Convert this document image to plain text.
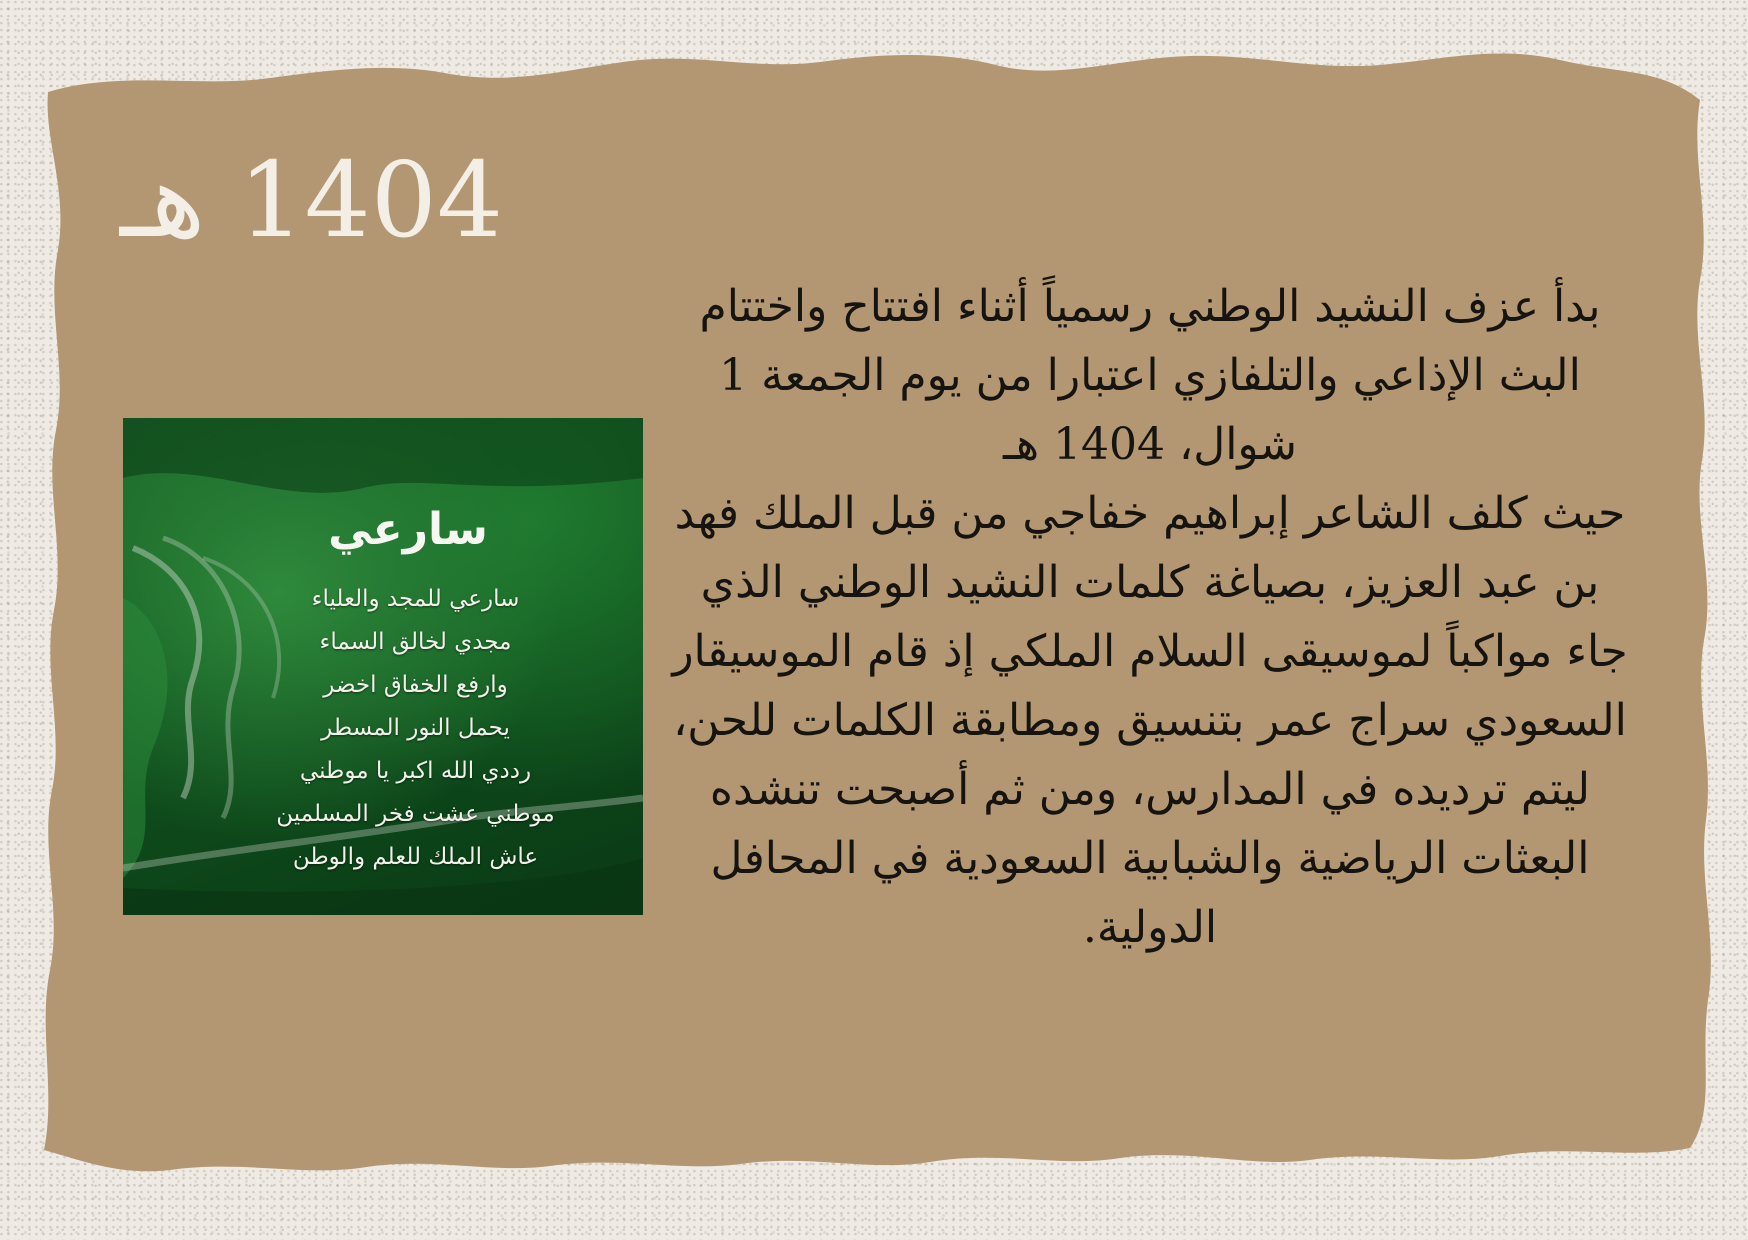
1404 هـ
سارعي
سارعي للمجد والعلياء
مجدي لخالق السماء
وارفع الخفاق اخضر
يحمل النور المسطر
رددي الله اكبر يا موطني
موطني عشت فخر المسلمين
عاش الملك للعلم والوطن

بدأ عزف النشيد الوطني رسمياً أثناء افتتاح واختتام البث الإذاعي والتلفازي اعتبارا من يوم الجمعة 1 شوال، 1404 هـ

حيث كلف الشاعر إبراهيم خفاجي من قبل الملك فهد بن عبد العزيز، بصياغة كلمات النشيد الوطني الذي جاء مواكباً لموسيقى السلام الملكي إذ قام الموسيقار السعودي سراج عمر بتنسيق ومطابقة الكلمات للحن، ليتم ترديده في المدارس، ومن ثم أصبحت تنشده البعثات الرياضية والشبابية السعودية في المحافل الدولية.
